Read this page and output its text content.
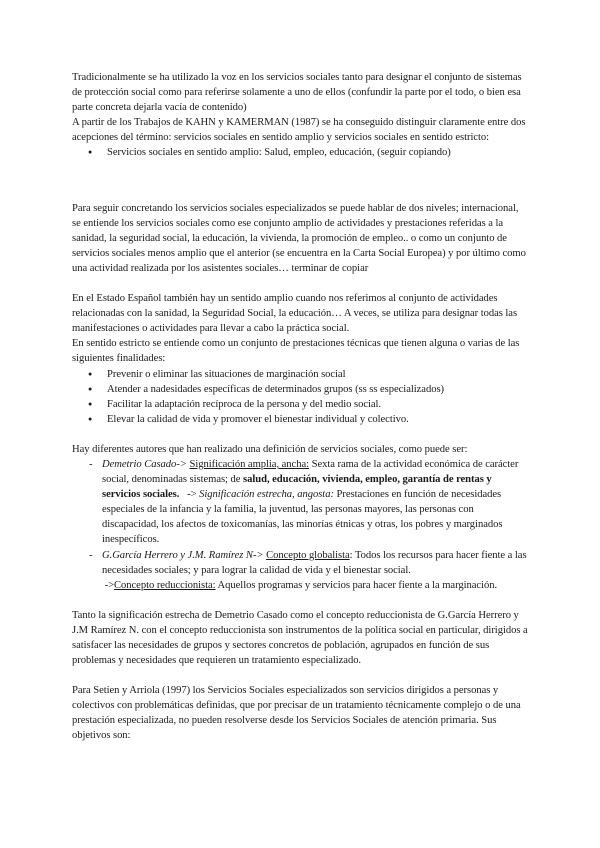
Tradicionalmente se ha utilizado la voz en los servicios sociales tanto para designar el conjunto de sistemas de protección social como para referirse solamente a uno de ellos (confundir la parte por el todo, o bien esa parte concreta dejarla vacía de contenido)

A partir de los Trabajos de KAHN y KAMERMAN (1987) se ha conseguido distinguir claramente entre dos acepciones del término: servicios sociales en sentido amplio y servicios sociales en sentido estricto:

● Servicios sociales en sentido amplio: Salud, empleo, educación, (seguir copiando)

Para seguir concretando los servicios sociales especializados se puede hablar de dos niveles; internacional, se entiende los servicios sociales como ese conjunto amplio de actividades y prestaciones referidas a la sanidad, la seguridad social, la educación, la vivienda, la promoción de empleo.. o como un conjunto de servicios sociales menos amplio que el anterior (se encuentra en la Carta Social Europea) y por último como una actividad realizada por los asistentes sociales… terminar de copiar

En el Estado Español también hay un sentido amplio cuando nos referimos al conjunto de actividades relacionadas con la sanidad, la Seguridad Social, la educación… A veces, se utiliza para designar todas las manifestaciones o actividades para llevar a cabo la práctica social.

En sentido estricto se entiende como un conjunto de prestaciones técnicas que tienen alguna o varias de las siguientes finalidades:

● Prevenir o eliminar las situaciones de marginación social
● Atender a nadesidades específicas de determinados grupos (ss ss especializados)
● Facilitar la adaptación recíproca de la persona y del medio social.
● Elevar la calidad de vida y promover el bienestar individual y colectivo.

Hay diferentes autores que han realizado una definición de servicios sociales, como puede ser:

- Demetrio Casado-> Significación amplia, ancha: Sexta rama de la actividad económica de carácter social, denominadas sistemas; de salud, educación, vivienda, empleo, garantía de rentas y servicios sociales.   -> Significación estrecha, angosta: Prestaciones en función de necesidades especiales de la infancia y la familia, la juventud, las personas mayores, las personas con discapacidad, los afectos de toxicomanías, las minorías étnicas y otras, los pobres y marginados inespecíficos.
- G.García Herrero y J.M. Ramírez N-> Concepto globalista: Todos los recursos para hacer fiente a las necesidades sociales; y para lograr la calidad de vida y el bienestar social.
->Concepto reduccionista: Aquellos programas y servicios para hacer fiente a la marginación.

Tanto la significación estrecha de Demetrio Casado como el concepto reduccionista de G.García Herrero y J.M Ramírez N. con el concepto reduccionista son instrumentos de la política social en particular, dirigidos a satisfacer las necesidades de grupos y sectores concretos de población, agrupados en función de sus problemas y necesidades que requieren un tratamiento especializado.

Para Setien y Arriola (1997) los Servicios Sociales especializados son servicios dirigidos a personas y colectivos con problemáticas definidas, que por precisar de un tratamiento técnicamente complejo o de una prestación especializada, no pueden resolverse desde los Servicios Sociales de atención primaria. Sus objetivos son:
